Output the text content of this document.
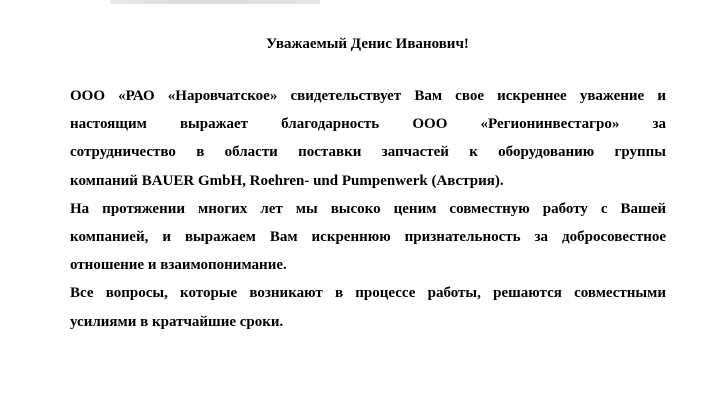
Уважаемый Денис Иванович!
ООО «РАО «Наровчатское» свидетельствует Вам свое искреннее уважение и
настоящим выражает благодарность ООО «Регионинвестагро» за
сотрудничество в области поставки запчастей к оборудованию группы
компаний BAUER GmbH, Roehren- und Pumpenwerk (Австрия).
На протяжении многих лет мы высоко ценим совместную работу с Вашей
компанией, и выражаем Вам искреннюю признательность за добросовестное
отношение и взаимопонимание.
Все вопросы, которые возникают в процессе работы, решаются совместными
усилиями в кратчайшие сроки.
